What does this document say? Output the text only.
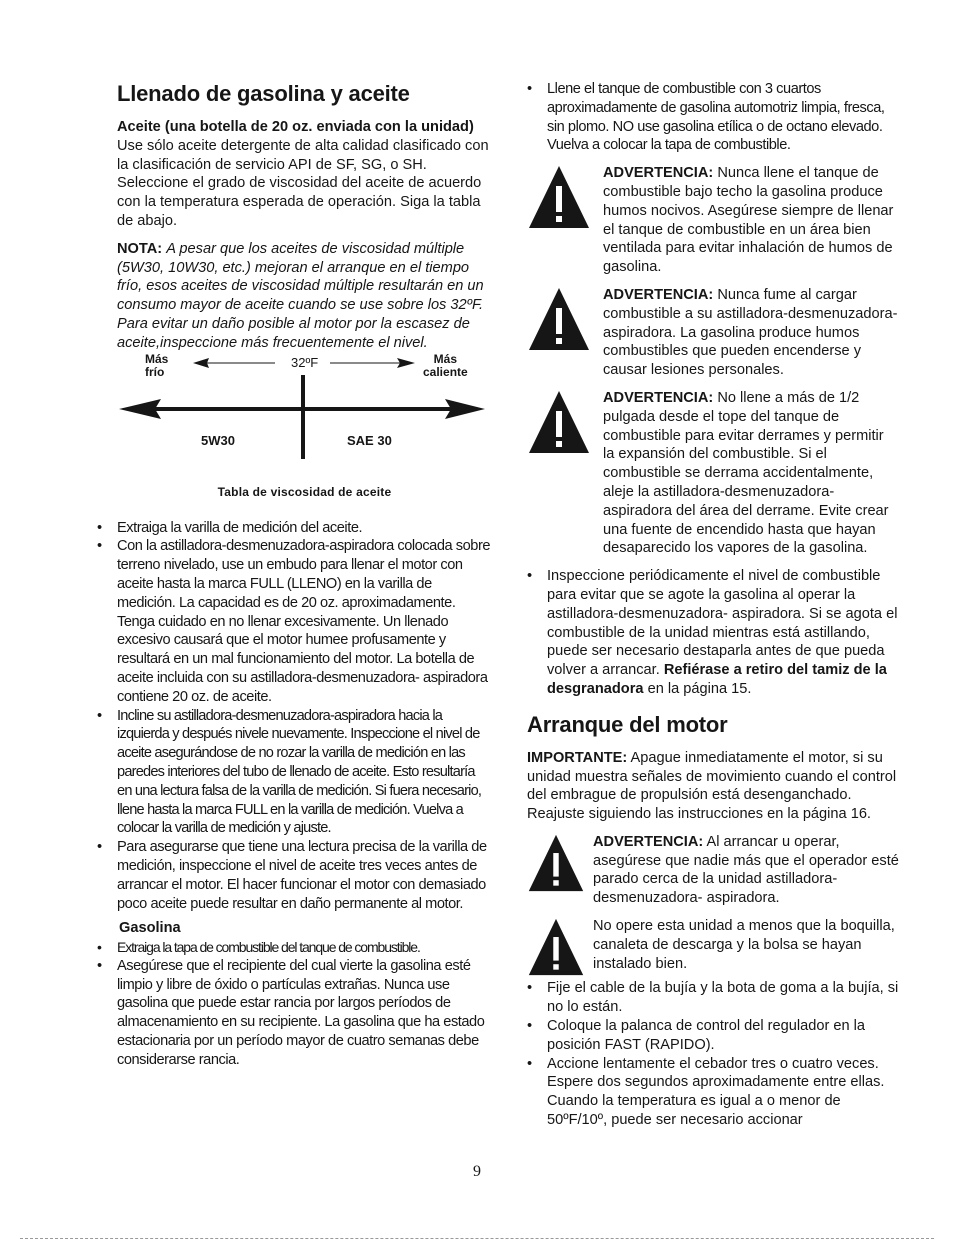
Llenado de gasolina y aceite

Aceite (una botella de 20 oz. enviada con la unidad)

Use sólo aceite detergente de alta calidad clasificado con la clasificación de servicio API de SF, SG, o SH. Seleccione el grado de viscosidad del aceite de acuerdo con la temperatura esperada de operación. Siga la tabla de abajo.

NOTA: A pesar que los aceites de viscosidad múltiple (5W30, 10W30, etc.) mejoran el arranque en el tiempo frío, esos aceites de viscosidad múltiple resultarán en un consumo mayor de aceite cuando se use sobre los 32ºF. Para evitar un daño posible al motor por la escasez de aceite,inspeccione más frecuentemente el nivel.

Más
frío
32ºF	Más
caliente
5W30	SAE 30
Tabla de viscosidad de aceite
• Extraiga la varilla de medición del aceite.
• Con la astilladora-desmenuzadora-aspiradora colocada sobre terreno nivelado, use un embudo para llenar el motor con aceite hasta la marca FULL (LLENO) en la varilla de medición. La capacidad es de 20 oz. aproximadamente. Tenga cuidado en no llenar excesivamente. Un llenado excesivo causará que el motor humee profusamente y resultará en un mal funcionamiento del motor. La botella de aceite incluida con su astilladora-desmenuzadora- aspiradora contiene 20 oz. de aceite.
• Incline su astilladora-desmenuzadora-aspiradora hacia la izquierda y después nivele nuevamente. Inspeccione el nivel de aceite asegurándose de no rozar la varilla de medición en las paredes interiores del tubo de llenado de aceite. Esto resultaría en una lectura falsa de la varilla de medición. Si fuera necesario, llene hasta la marca FULL en la varilla de medición. Vuelva a colocar la varilla de medición y ajuste.
• Para asegurarse que tiene una lectura precisa de la varilla de medición, inspeccione el nivel de aceite tres veces antes de arrancar el motor. El hacer funcionar el motor con demasiado poco aceite puede resultar en daño permanente al motor.

Gasolina

• Extraiga la tapa de combustible del tanque de combustible.
• Asegúrese que el recipiente del cual vierte la gasolina esté limpio y libre de óxido o partículas extrañas. Nunca use gasolina que puede estar rancia por largos períodos de almacenamiento en su recipiente. La gasolina que ha estado estacionaria por un período mayor de cuatro semanas debe considerarse rancia.
• Llene el tanque de combustible con 3 cuartos aproximadamente de gasolina automotriz limpia, fresca, sin plomo. NO use gasolina etílica o de octano elevado. Vuelva a colocar la tapa de combustible.
ADVERTENCIA: Nunca llene el tanque de combustible bajo techo la gasolina produce humos nocivos. Asegúrese siempre de llenar el tanque de combustible en un área bien ventilada para evitar inhalación de humos de gasolina.
ADVERTENCIA: Nunca fume al cargar combustible a su astilladora-desmenuzadora-aspiradora. La gasolina produce humos combustibles que pueden encenderse y causar lesiones personales.
ADVERTENCIA: No llene a más de 1/2 pulgada desde el tope del tanque de combustible para evitar derrames y permitir la expansión del combustible. Si el combustible se derrama accidentalmente, aleje la astilladora-desmenuzadora-aspiradora del área del derrame. Evite crear una fuente de encendido hasta que hayan desaparecido los vapores de la gasolina.
• Inspeccione periódicamente el nivel de combustible para evitar que se agote la gasolina al operar la astilladora-desmenuzadora- aspiradora. Si se agota el combustible de la unidad mientras está astillando, puede ser necesario destaparla antes de que pueda volver a arrancar. Refiérase a retiro del tamiz de la desgranadora en la página 15.
Arranque del motor

IMPORTANTE: Apague inmediatamente el motor, si su unidad muestra señales de movimiento cuando el control del embrague de propulsión está desenganchado. Reajuste siguiendo las instrucciones en la página 16.

ADVERTENCIA: Al arrancar u operar, asegúrese que nadie más que el operador esté parado cerca de la unidad astilladora-desmenuzadora- aspiradora.
No opere esta unidad a menos que la boquilla, canaleta de descarga y la bolsa se hayan instalado bien.
• Fije el cable de la bujía y la bota de goma a la bujía, si no lo están.
• Coloque la palanca de control del regulador en la posición FAST (RAPIDO).
• Accione lentamente el cebador tres o cuatro veces. Espere dos segundos aproximadamente entre ellas. Cuando la temperatura es igual a o menor de 50ºF/10º, puede ser necesario accionar
9
